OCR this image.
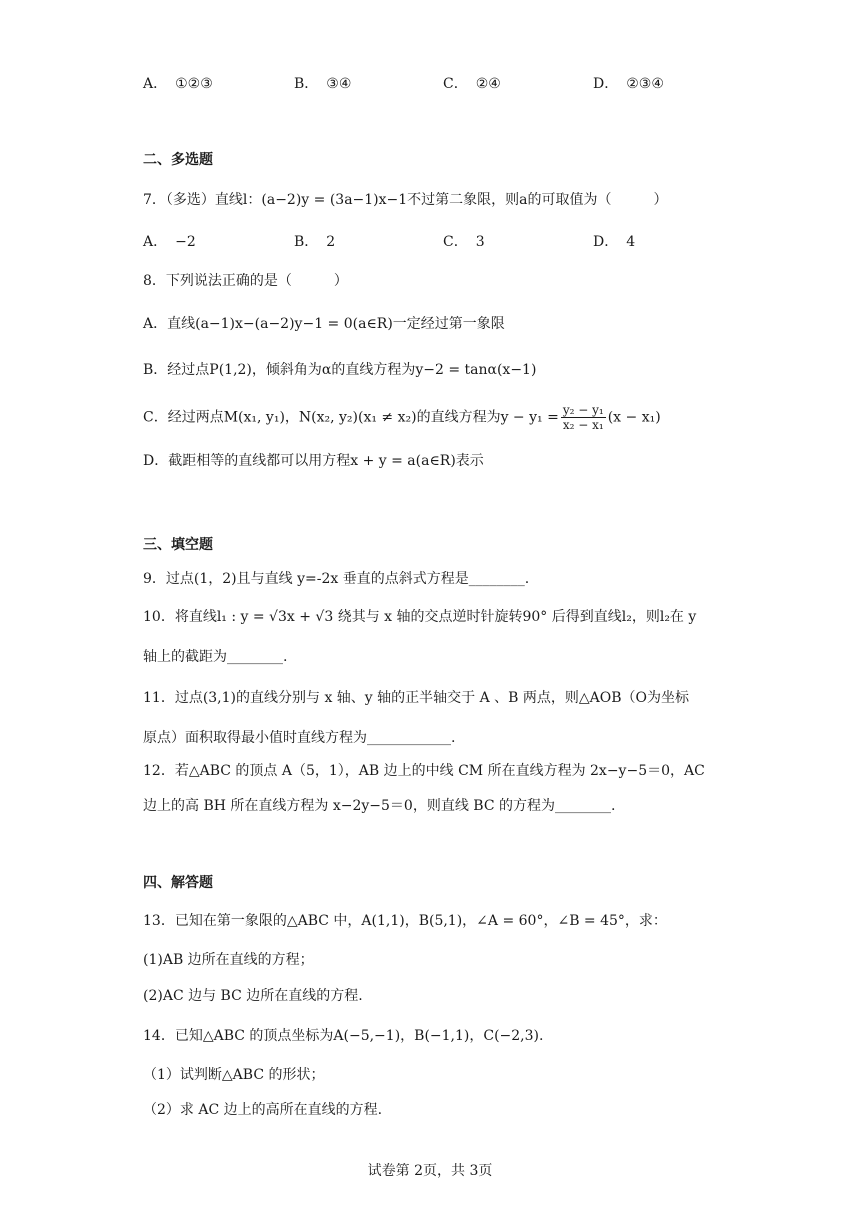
A． ①②③	B． ③④	C． ②④	D． ②③④
二、多选题
7．（多选）直线l：(a−2)y = (3a−1)x−1不过第二象限，则a的可取值为（　　　）
A． −2	B． 2	C． 3	D． 4
8．下列说法正确的是（　　　）
A．直线(a−1)x−(a−2)y−1 = 0(a∈R)一定经过第一象限
B．经过点P(1,2)，倾斜角为α的直线方程为y−2 = tanα(x−1)
C．经过两点M(x₁, y₁)，N(x₂, y₂)(x₁ ≠ x₂)的直线方程为$y - y_1 = \frac{\text{y₂ − y₁}}{\text{x₂ − x₁}} (x - x_1)$
D．截距相等的直线都可以用方程x + y = a(a∈R)表示
三、填空题
9．过点(1，2)且与直线 y=-2x 垂直的点斜式方程是________.
10．将直线l₁ : y = √3x + √3 绕其与 x 轴的交点逆时针旋转90° 后得到直线l₂，则l₂在 y
轴上的截距为________.
11．过点(3,1)的直线分别与 x 轴、y 轴的正半轴交于 A 、B 两点，则△AOB（O为坐标
原点）面积取得最小值时直线方程为____________.
12．若△ABC 的顶点 A（5，1），AB 边上的中线 CM 所在直线方程为 2x−y−5＝0，AC
边上的高 BH 所在直线方程为 x−2y−5＝0，则直线 BC 的方程为________.
四、解答题
13．已知在第一象限的△ABC 中，A(1,1)，B(5,1)，∠A = 60°，∠B = 45°，求：
(1)AB 边所在直线的方程；
(2)AC 边与 BC 边所在直线的方程.
14．已知△ABC 的顶点坐标为A(−5,−1)，B(−1,1)，C(−2,3).
（1）试判断△ABC 的形状；
（2）求 AC 边上的高所在直线的方程.
试卷第 2页，共 3页
